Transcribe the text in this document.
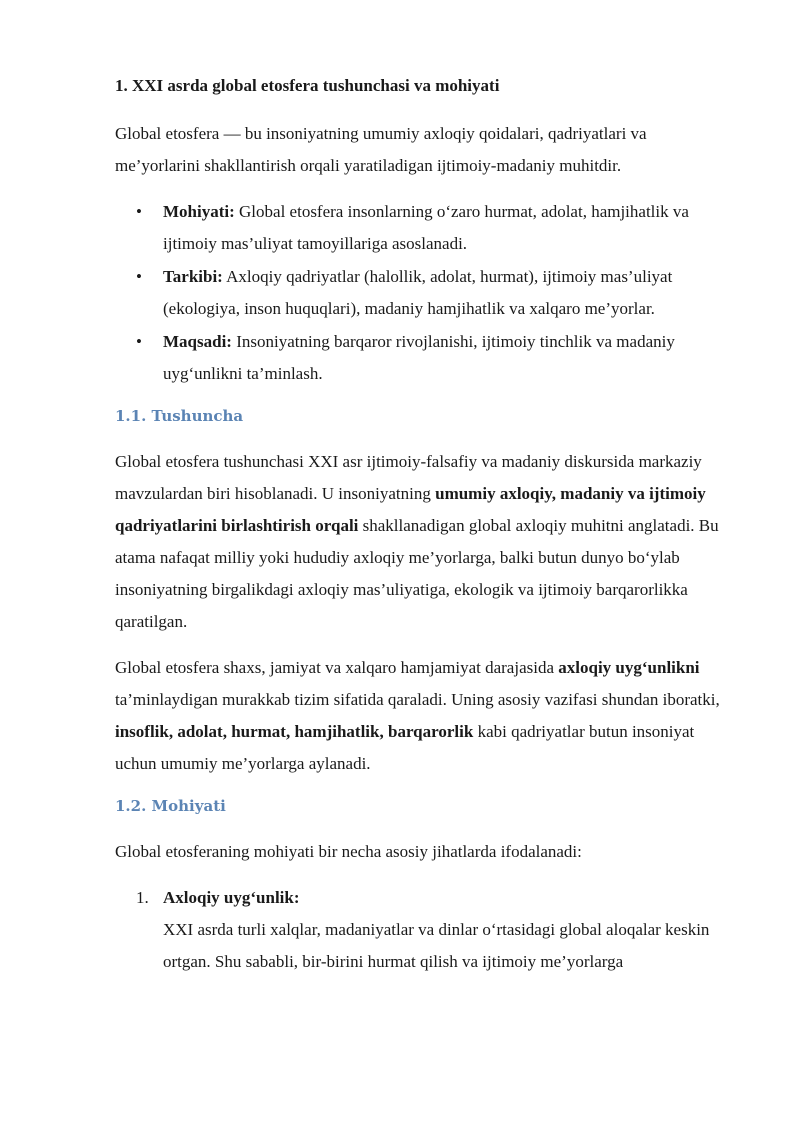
1. XXI asrda global etosfera tushunchasi va mohiyati

Global etosfera — bu insoniyatning umumiy axloqiy qoidalari, qadriyatlari va me’yorlarini shakllantirish orqali yaratiladigan ijtimoiy-madaniy muhitdir.

• Mohiyati: Global etosfera insonlarning o‘zaro hurmat, adolat, hamjihatlik va ijtimoiy mas’uliyat tamoyillariga asoslanadi.
• Tarkibi: Axloqiy qadriyatlar (halollik, adolat, hurmat), ijtimoiy mas’uliyat (ekologiya, inson huquqlari), madaniy hamjihatlik va xalqaro me’yorlar.
• Maqsadi: Insoniyatning barqaror rivojlanishi, ijtimoiy tinchlik va madaniy uyg‘unlikni ta’minlash.
1.1. Tushuncha

Global etosfera tushunchasi XXI asr ijtimoiy-falsafiy va madaniy diskursida markaziy mavzulardan biri hisoblanadi. U insoniyatning umumiy axloqiy, madaniy va ijtimoiy qadriyatlarini birlashtirish orqali shakllanadigan global axloqiy muhitni anglatadi. Bu atama nafaqat milliy yoki hududiy axloqiy me’yorlarga, balki butun dunyo bo‘ylab insoniyatning birgalikdagi axloqiy mas’uliyatiga, ekologik va ijtimoiy barqarorlikka qaratilgan.

Global etosfera shaxs, jamiyat va xalqaro hamjamiyat darajasida axloqiy uyg‘unlikni ta’minlaydigan murakkab tizim sifatida qaraladi. Uning asosiy vazifasi shundan iboratki, insoflik, adolat, hurmat, hamjihatlik, barqarorlik kabi qadriyatlar butun insoniyat uchun umumiy me’yorlarga aylanadi.

1.2. Mohiyati

Global etosferaning mohiyati bir necha asosiy jihatlarda ifodalanadi:

1. Axloqiy uyg‘unlik:
XXI asrda turli xalqlar, madaniyatlar va dinlar o‘rtasidagi global aloqalar keskin ortgan. Shu sababli, bir-birini hurmat qilish va ijtimoiy me’yorlarga
